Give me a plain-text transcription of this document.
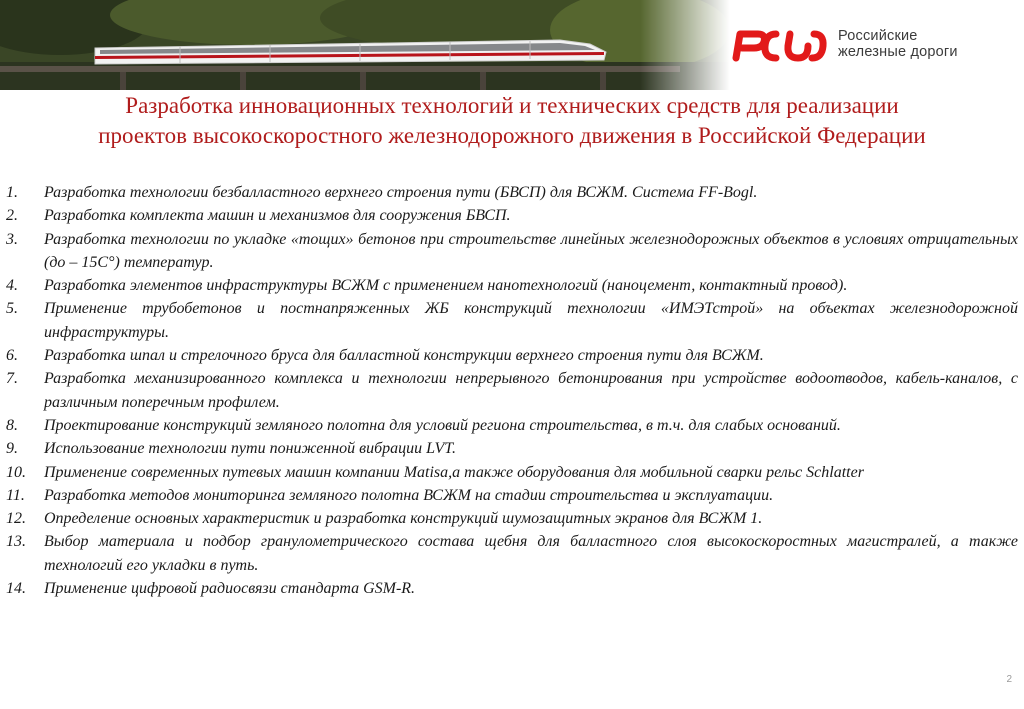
Российские
железные дороги
Разработка инновационных технологий и технических средств для реализации
проектов высокоскоростного железнодорожного движения в Российской Федерации
1.	Разработка технологии безбалластного верхнего строения пути (БВСП) для ВСЖМ. Система FF-Bogl.
2.	Разработка комплекта машин и механизмов для сооружения БВСП.
3.	Разработка технологии по укладке «тощих» бетонов при строительстве линейных железнодорожных объектов в условиях отрицательных (до – 15С°) температур.
4.	Разработка элементов инфраструктуры ВСЖМ с применением нанотехнологий (наноцемент, контактный провод).
5.	Применение трубобетонов и постнапряженных ЖБ конструкций технологии «ИМЭТстрой» на объектах железнодорожной инфраструктуры.
6.	Разработка шпал и стрелочного бруса для балластной конструкции верхнего строения пути для ВСЖМ.
7.	Разработка механизированного комплекса и технологии непрерывного бетонирования при устройстве водоотводов, кабель-каналов, с различным поперечным профилем.
8.	Проектирование конструкций земляного полотна для условий региона строительства, в т.ч. для слабых оснований.
9.	Использование технологии пути пониженной вибрации LVT.
10.	Применение современных путевых машин компании Matisa,а также оборудования для мобильной сварки рельс Schlatter
11.	Разработка методов мониторинга земляного полотна ВСЖМ на стадии строительства и эксплуатации.
12.	Определение основных характеристик и разработка конструкций шумозащитных экранов для ВСЖМ 1.
13.	Выбор материала и подбор гранулометрического состава щебня для балластного слоя высокоскоростных магистралей, а также технологий его укладки в путь.
14.	Применение цифровой радиосвязи стандарта GSM-R.
2
